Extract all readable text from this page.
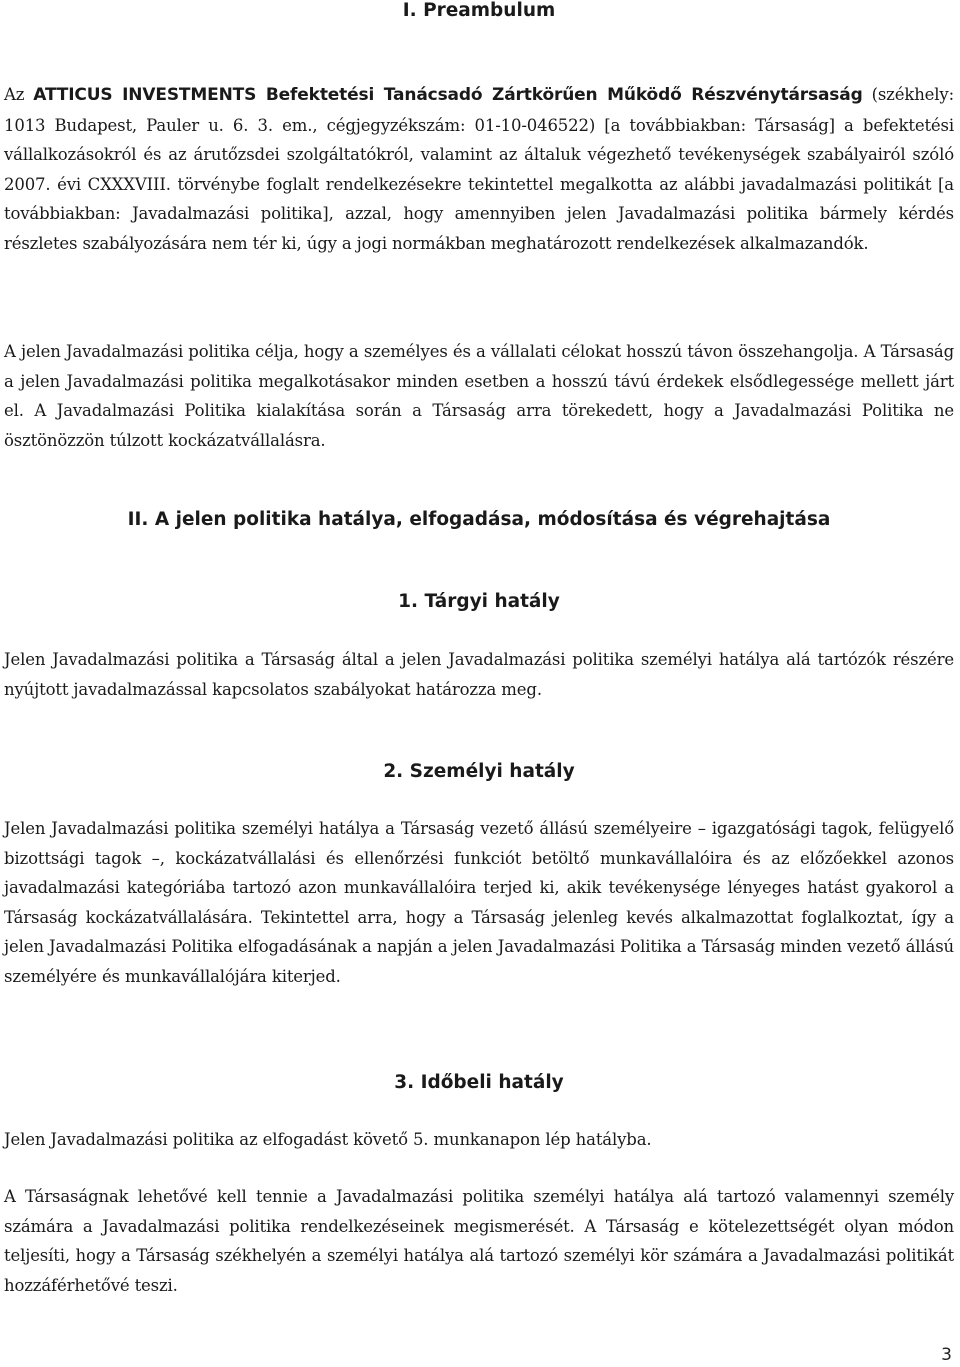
I. Preambulum

Az ATTICUS INVESTMENTS Befektetési Tanácsadó Zártkörűen Működő Részvénytársaság (székhely: 1013 Budapest, Pauler u. 6. 3. em., cégjegyzékszám: 01-10-046522) [a továbbiakban: Társaság] a befektetési vállalkozásokról és az árutőzsdei szolgáltatókról, valamint az általuk végezhető tevékenységek szabályairól szóló 2007. évi CXXXVIII. törvénybe foglalt rendelkezésekre tekintettel megalkotta az alábbi javadalmazási politikát [a továbbiakban: Javadalmazási politika], azzal, hogy amennyiben jelen Javadalmazási politika bármely kérdés részletes szabályozására nem tér ki, úgy a jogi normákban meghatározott rendelkezések alkalmazandók.

A jelen Javadalmazási politika célja, hogy a személyes és a vállalati célokat hosszú távon összehangolja. A Társaság a jelen Javadalmazási politika megalkotásakor minden esetben a hosszú távú érdekek elsődlegessége mellett járt el. A Javadalmazási Politika kialakítása során a Társaság arra törekedett, hogy a Javadalmazási Politika ne ösztönözzön túlzott kockázatvállalásra.

II. A jelen politika hatálya, elfogadása, módosítása és végrehajtása
1. Tárgyi hatály

Jelen Javadalmazási politika a Társaság által a jelen Javadalmazási politika személyi hatálya alá tartózók részére nyújtott javadalmazással kapcsolatos szabályokat határozza meg.

2. Személyi hatály

Jelen Javadalmazási politika személyi hatálya a Társaság vezető állású személyeire – igazgatósági tagok, felügyelő bizottsági tagok –, kockázatvállalási és ellenőrzési funkciót betöltő munkavállalóira és az előzőekkel azonos javadalmazási kategóriába tartozó azon munkavállalóira terjed ki, akik tevékenysége lényeges hatást gyakorol a Társaság kockázatvállalására. Tekintettel arra, hogy a Társaság jelenleg kevés alkalmazottat foglalkoztat, így a jelen Javadalmazási Politika elfogadásának a napján a jelen Javadalmazási Politika a Társaság minden vezető állású személyére és munkavállalójára kiterjed.

3. Időbeli hatály

Jelen Javadalmazási politika az elfogadást követő 5. munkanapon lép hatályba.

A Társaságnak lehetővé kell tennie a Javadalmazási politika személyi hatálya alá tartozó valamennyi személy számára a Javadalmazási politika rendelkezéseinek megismerését. A Társaság e kötelezettségét olyan módon teljesíti, hogy a Társaság székhelyén a személyi hatálya alá tartozó személyi kör számára a Javadalmazási politikát hozzáférhetővé teszi.

3
